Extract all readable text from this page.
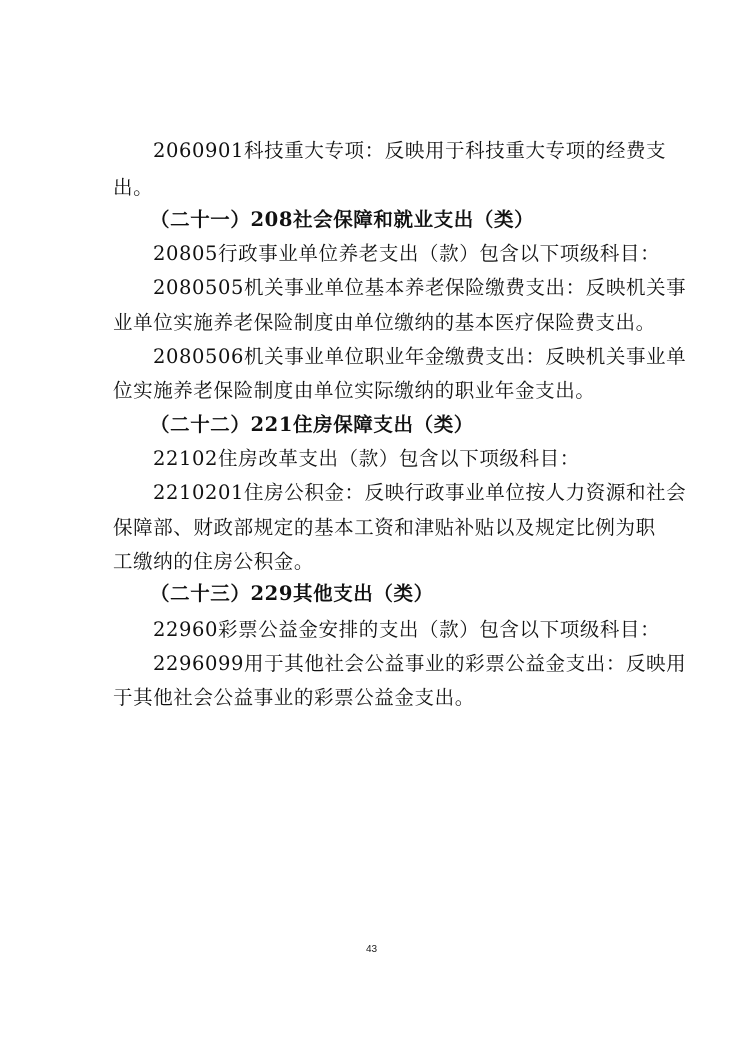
2060901科技重大专项：反映用于科技重大专项的经费支
出。
（二十一）208社会保障和就业支出（类）
20805行政事业单位养老支出（款）包含以下项级科目：
2080505机关事业单位基本养老保险缴费支出：反映机关事
业单位实施养老保险制度由单位缴纳的基本医疗保险费支出。
2080506机关事业单位职业年金缴费支出：反映机关事业单
位实施养老保险制度由单位实际缴纳的职业年金支出。
（二十二）221住房保障支出（类）
22102住房改革支出（款）包含以下项级科目：
2210201住房公积金：反映行政事业单位按人力资源和社会
保障部、财政部规定的基本工资和津贴补贴以及规定比例为职
工缴纳的住房公积金。
（二十三）229其他支出（类）
22960彩票公益金安排的支出（款）包含以下项级科目：
2296099用于其他社会公益事业的彩票公益金支出：反映用
于其他社会公益事业的彩票公益金支出。
43
